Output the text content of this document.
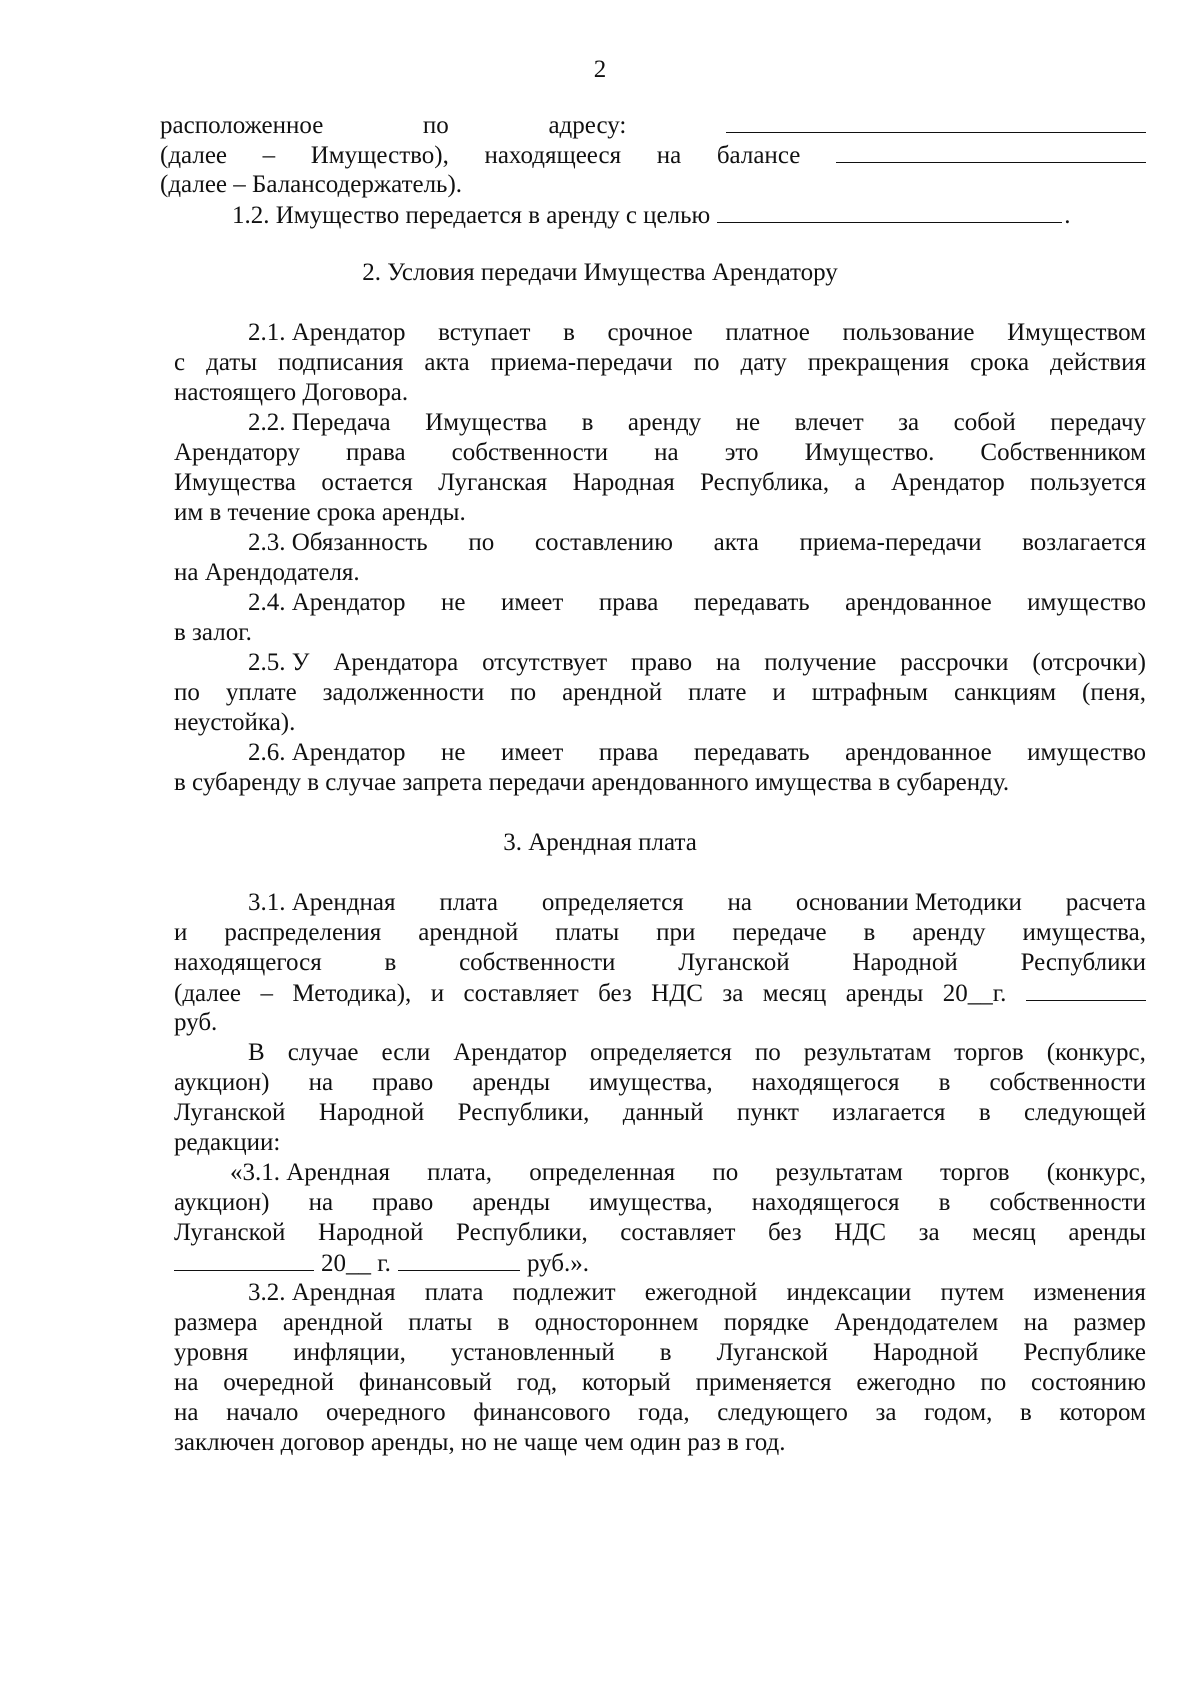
2
расположенное	по	адресу:
(далее – Имущество), находящееся на балансе
(далее – Балансодержатель).
1.2. Имущество передается в аренду с целью	.
2. Условия передачи Имущества Арендатору
2.1. Арендатор вступает в срочное платное пользование Имуществом
с даты подписания акта приема-передачи по дату прекращения срока действия
настоящего Договора.
2.2. Передача Имущества в аренду не влечет за собой передачу
Арендатору права собственности на это Имущество. Собственником
Имущества остается Луганская Народная Республика, а Арендатор пользуется
им в течение срока аренды.
2.3. Обязанность по составлению акта приема-передачи возлагается
на Арендодателя.
2.4. Арендатор не имеет права передавать арендованное имущество
в залог.
2.5. У Арендатора отсутствует право на получение рассрочки (отсрочки)
по уплате задолженности по арендной плате и штрафным санкциям (пеня,
неустойка).
2.6. Арендатор не имеет права передавать арендованное имущество
в субаренду в случае запрета передачи арендованного имущества в субаренду.
3. Арендная плата
3.1. Арендная плата определяется на основании Методики расчета
и распределения арендной платы при передаче в аренду имущества,
находящегося	в	собственности	Луганской	Народной	Республики
(далее – Методика), и составляет без НДС за месяц аренды 20__г.
руб.
В случае если Арендатор определяется по результатам торгов (конкурс,
аукцион) на право аренды имущества, находящегося в собственности
Луганской Народной Республики, данный пункт излагается в следующей
редакции:
«3.1. Арендная плата, определенная по результатам торгов (конкурс,
аукцион) на право аренды имущества, находящегося в собственности
Луганской Народной Республики, составляет без НДС за месяц аренды
20__ г.	руб.».
3.2. Арендная плата подлежит ежегодной индексации путем изменения
размера арендной платы в одностороннем порядке Арендодателем на размер
уровня инфляции, установленный в Луганской Народной Республике
на очередной финансовый год, который применяется ежегодно по состоянию
на начало очередного финансового года, следующего за годом, в котором
заключен договор аренды, но не чаще чем один раз в год.
